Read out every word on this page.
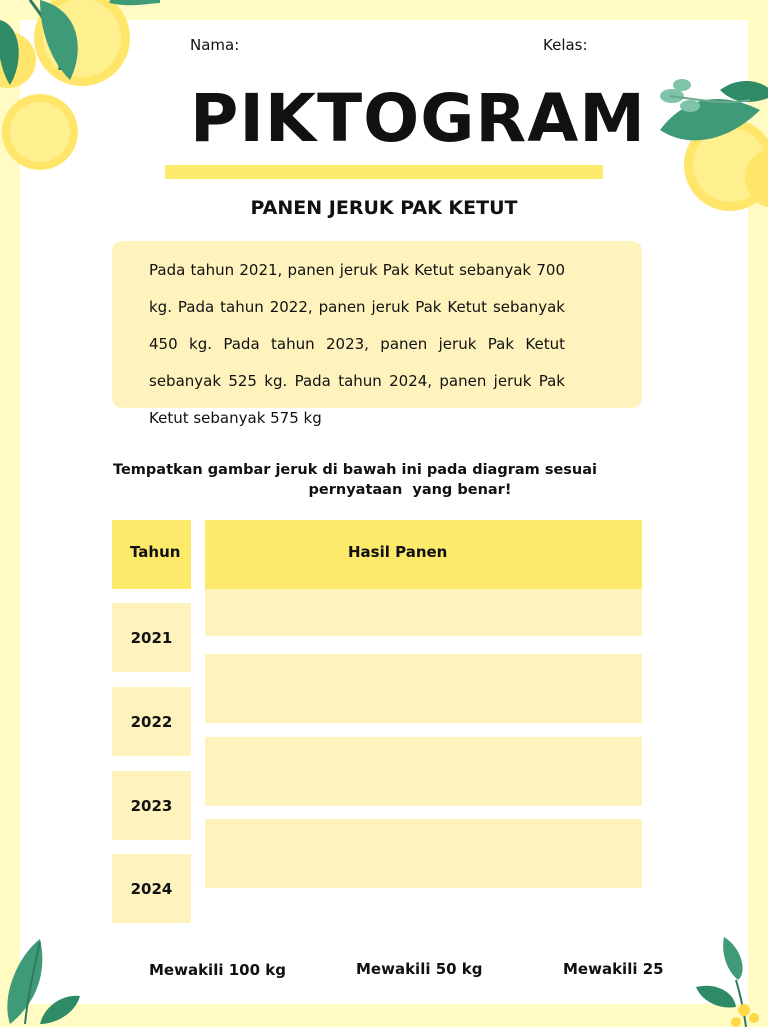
Nama:	Kelas:
PIKTOGRAM
PANEN JERUK PAK KETUT
Pada tahun 2021, panen jeruk Pak Ketut sebanyak 700 kg. Pada tahun 2022, panen jeruk Pak Ketut sebanyak 450 kg. Pada tahun 2023, panen jeruk Pak Ketut sebanyak 525 kg. Pada tahun 2024, panen jeruk Pak Ketut sebanyak 575 kg
Tempatkan gambar jeruk di bawah ini pada diagram sesuai
pernyataan  yang benar!
Tahun	Hasil Panen
2021
2022
2023
2024
Mewakili 100 kg	Mewakili 50 kg	Mewakili 25
